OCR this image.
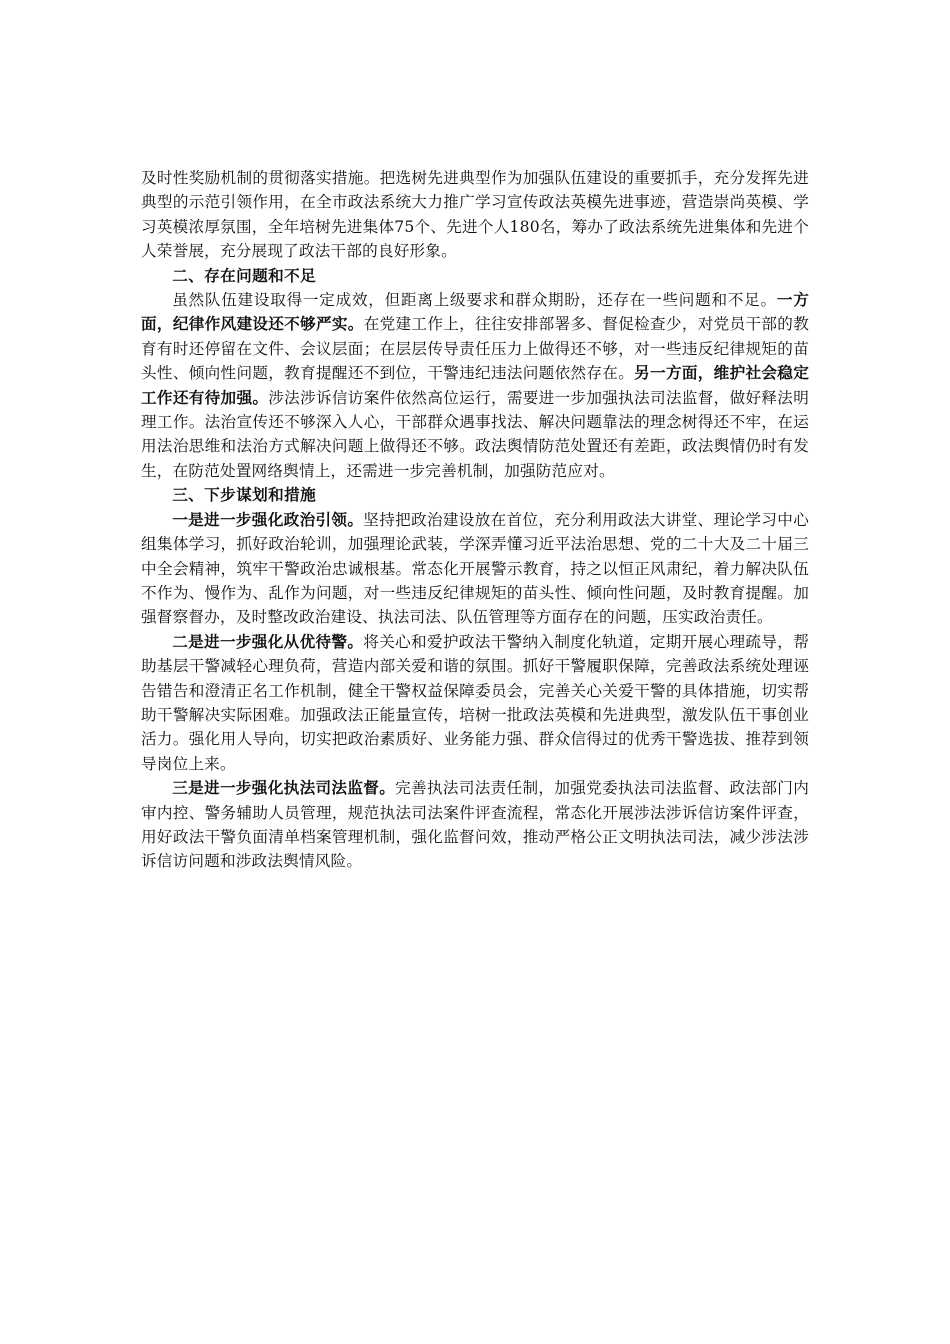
及时性奖励机制的贯彻落实措施。把选树先进典型作为加强队伍建设的重要抓手，充分发挥先进典型的示范引领作用，在全市政法系统大力推广学习宣传政法英模先进事迹，营造崇尚英模、学习英模浓厚氛围，全年培树先进集体75个、先进个人180名，筹办了政法系统先进集体和先进个人荣誉展，充分展现了政法干部的良好形象。

二、存在问题和不足

虽然队伍建设取得一定成效，但距离上级要求和群众期盼，还存在一些问题和不足。一方面，纪律作风建设还不够严实。在党建工作上，往往安排部署多、督促检查少，对党员干部的教育有时还停留在文件、会议层面；在层层传导责任压力上做得还不够，对一些违反纪律规矩的苗头性、倾向性问题，教育提醒还不到位，干警违纪违法问题依然存在。另一方面，维护社会稳定工作还有待加强。涉法涉诉信访案件依然高位运行，需要进一步加强执法司法监督，做好释法明理工作。法治宣传还不够深入人心，干部群众遇事找法、解决问题靠法的理念树得还不牢，在运用法治思维和法治方式解决问题上做得还不够。政法舆情防范处置还有差距，政法舆情仍时有发生，在防范处置网络舆情上，还需进一步完善机制，加强防范应对。

三、下步谋划和措施

一是进一步强化政治引领。坚持把政治建设放在首位，充分利用政法大讲堂、理论学习中心组集体学习，抓好政治轮训，加强理论武装，学深弄懂习近平法治思想、党的二十大及二十届三中全会精神，筑牢干警政治忠诚根基。常态化开展警示教育，持之以恒正风肃纪，着力解决队伍不作为、慢作为、乱作为问题，对一些违反纪律规矩的苗头性、倾向性问题，及时教育提醒。加强督察督办，及时整改政治建设、执法司法、队伍管理等方面存在的问题，压实政治责任。

二是进一步强化从优待警。将关心和爱护政法干警纳入制度化轨道，定期开展心理疏导，帮助基层干警减轻心理负荷，营造内部关爱和谐的氛围。抓好干警履职保障，完善政法系统处理诬告错告和澄清正名工作机制，健全干警权益保障委员会，完善关心关爱干警的具体措施，切实帮助干警解决实际困难。加强政法正能量宣传，培树一批政法英模和先进典型，激发队伍干事创业活力。强化用人导向，切实把政治素质好、业务能力强、群众信得过的优秀干警选拔、推荐到领导岗位上来。

三是进一步强化执法司法监督。完善执法司法责任制，加强党委执法司法监督、政法部门内审内控、警务辅助人员管理，规范执法司法案件评查流程，常态化开展涉法涉诉信访案件评查，用好政法干警负面清单档案管理机制，强化监督问效，推动严格公正文明执法司法，减少涉法涉诉信访问题和涉政法舆情风险。
